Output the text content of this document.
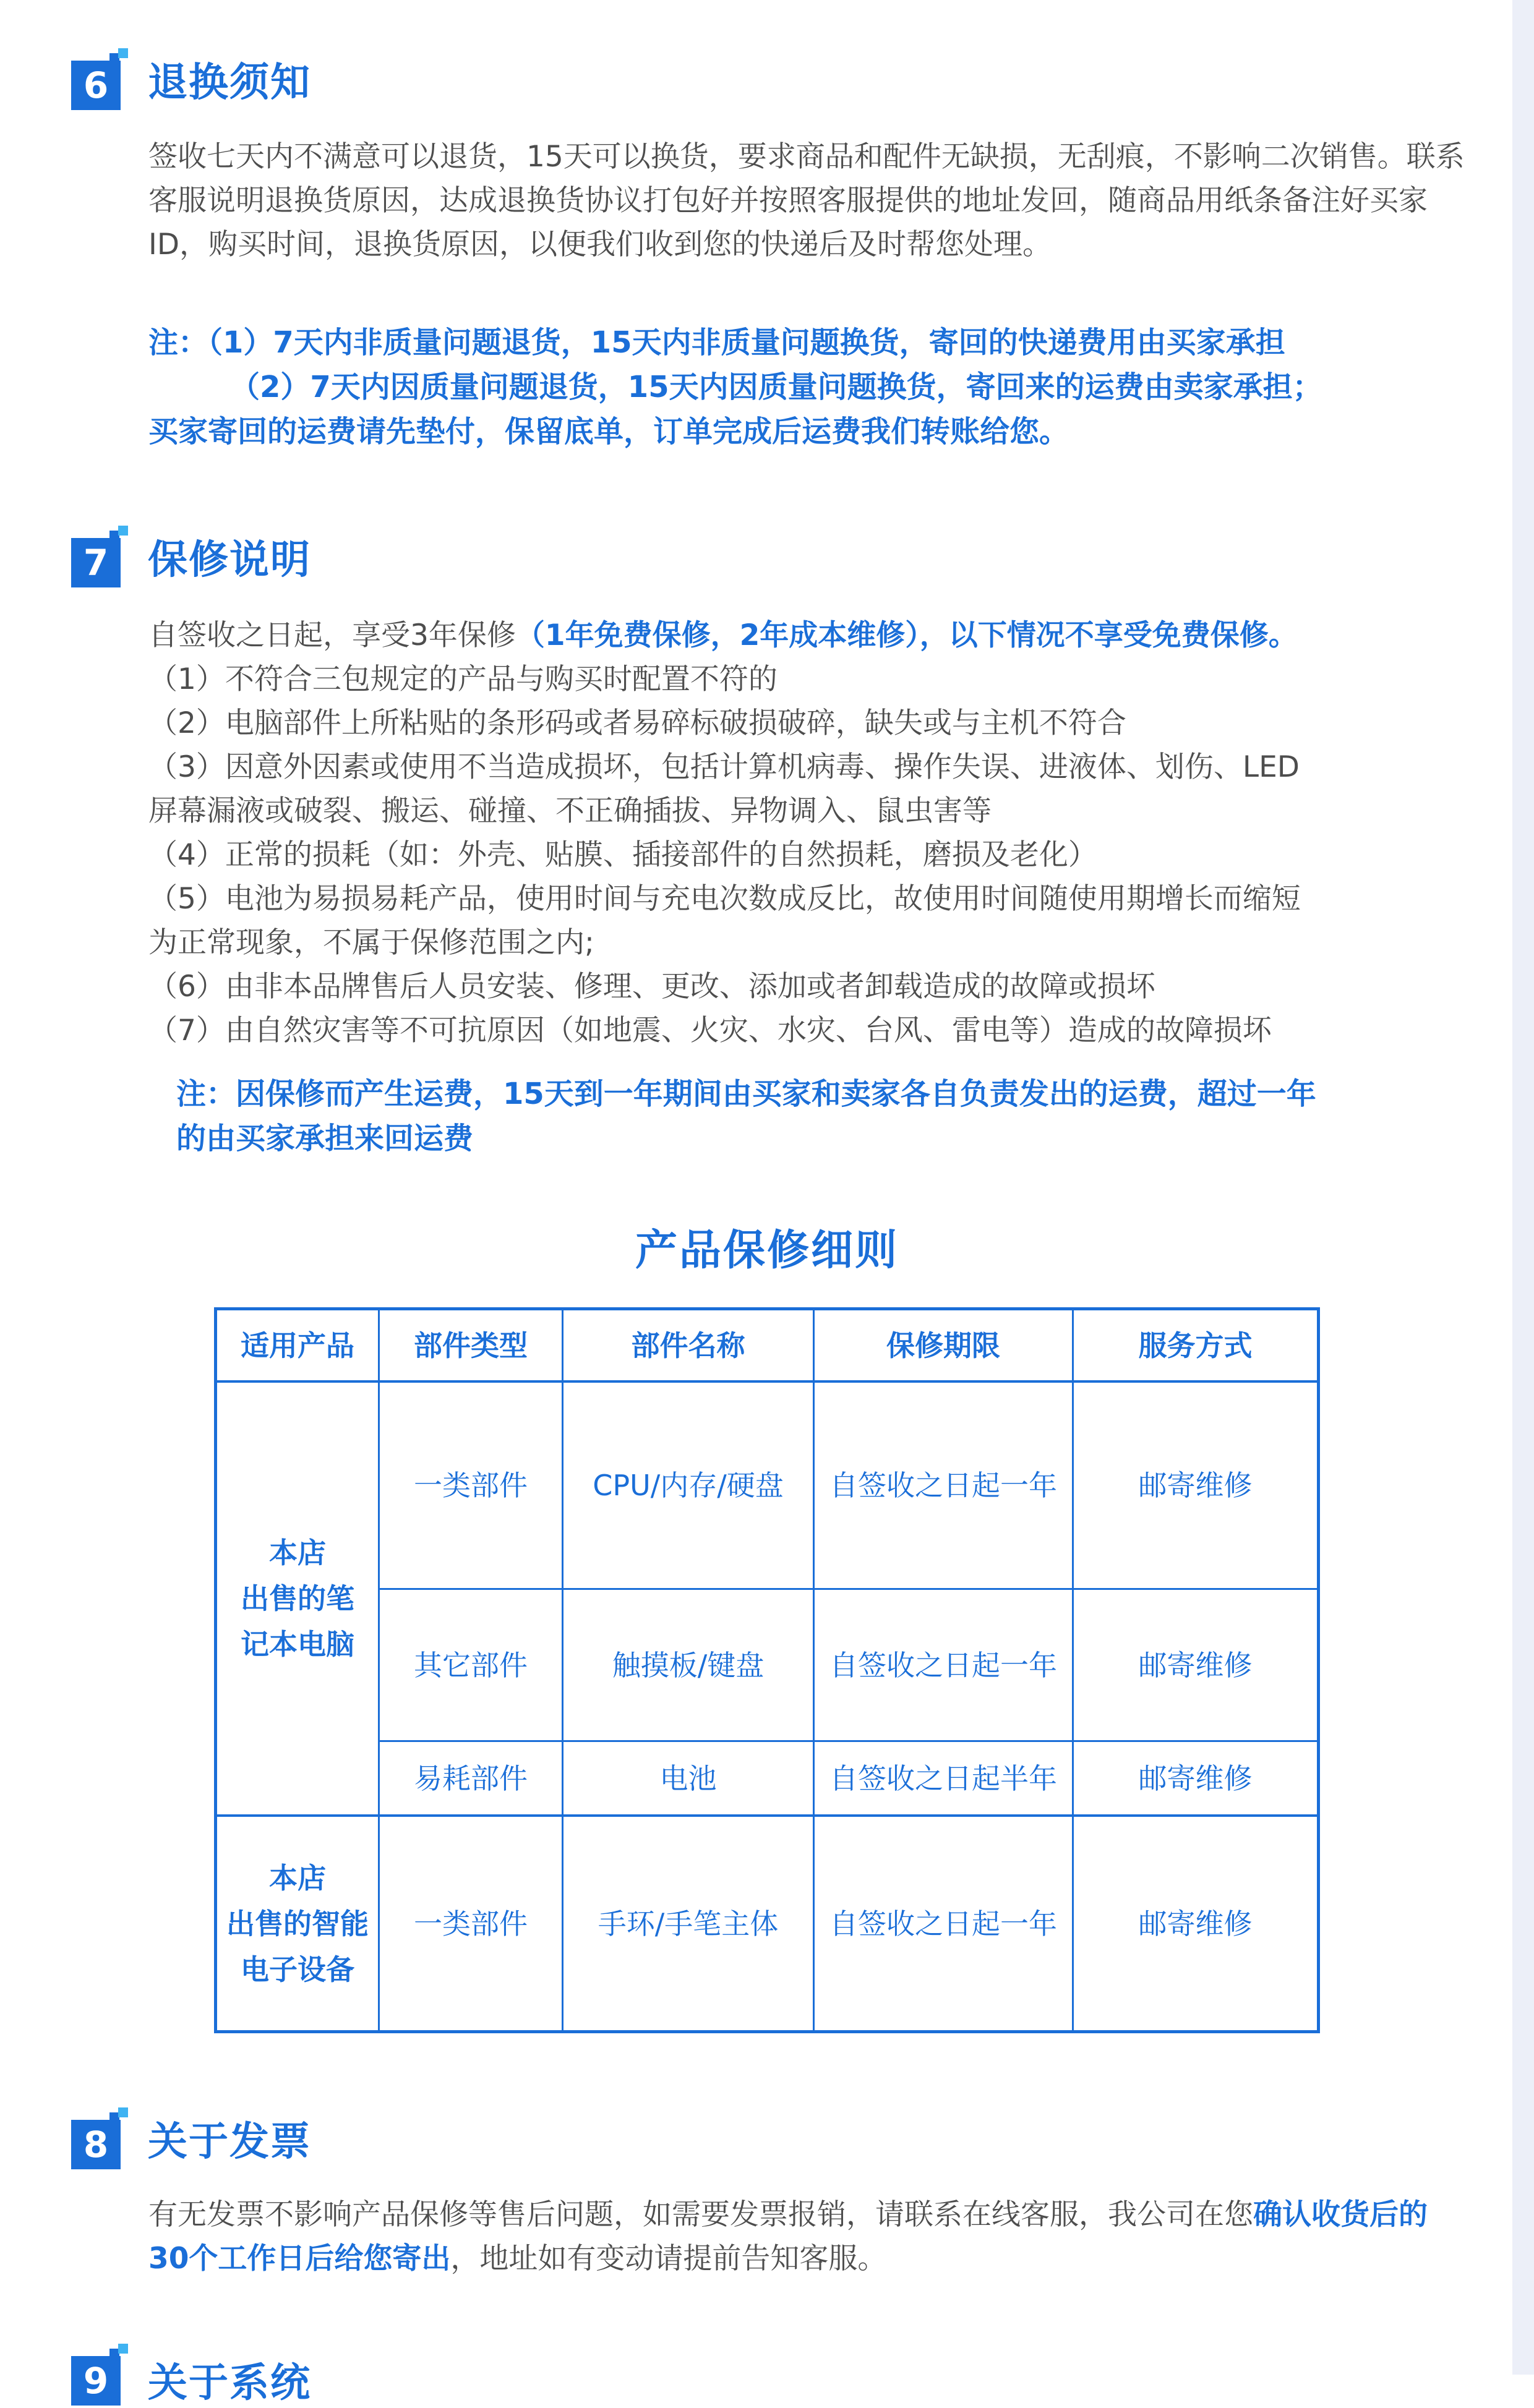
6 退换须知

签收七天内不满意可以退货，15天可以换货，要求商品和配件无缺损，无刮痕，不影响二次销售。联系客服说明退换货原因，达成退换货协议打包好并按照客服提供的地址发回，随商品用纸条备注好买家ID，购买时间，退换货原因，以便我们收到您的快递后及时帮您处理。

注：（1）7天内非质量问题退货，15天内非质量问题换货，寄回的快递费用由买家承担

（2）7天内因质量问题退货，15天内因质量问题换货，寄回来的运费由卖家承担；

买家寄回的运费请先垫付，保留底单，订单完成后运费我们转账给您。

7 保修说明

自签收之日起，享受3年保修（1年免费保修，2年成本维修），以下情况不享受免费保修。

（1）不符合三包规定的产品与购买时配置不符的
（2）电脑部件上所粘贴的条形码或者易碎标破损破碎，缺失或与主机不符合
（3）因意外因素或使用不当造成损坏，包括计算机病毒、操作失误、进液体、划伤、LED
屏幕漏液或破裂、搬运、碰撞、不正确插拔、异物调入、鼠虫害等
（4）正常的损耗（如：外壳、贴膜、插接部件的自然损耗，磨损及老化）
（5）电池为易损易耗产品，使用时间与充电次数成反比，故使用时间随使用期增长而缩短
为正常现象，不属于保修范围之内;
（6）由非本品牌售后人员安装、修理、更改、添加或者卸载造成的故障或损坏
（7）由自然灾害等不可抗原因（如地震、火灾、水灾、台风、雷电等）造成的故障损坏

注：因保修而产生运费，15天到一年期间由买家和卖家各自负责发出的运费，超过一年

的由买家承担来回运费

产品保修细则
适用产品	部件类型	部件名称	保修期限	服务方式
本店
出售的笔
记本电脑
一类部件	CPU/内存/硬盘	自签收之日起一年	邮寄维修
其它部件	触摸板/键盘	自签收之日起一年	邮寄维修
易耗部件	电池	自签收之日起半年	邮寄维修
本店
出售的智能
电子设备
一类部件	手环/手笔主体	自签收之日起一年	邮寄维修
8 关于发票

有无发票不影响产品保修等售后问题，如需要发票报销，请联系在线客服，我公司在您确认收货后的30个工作日后给您寄出，地址如有变动请提前告知客服。

9 关于系统
